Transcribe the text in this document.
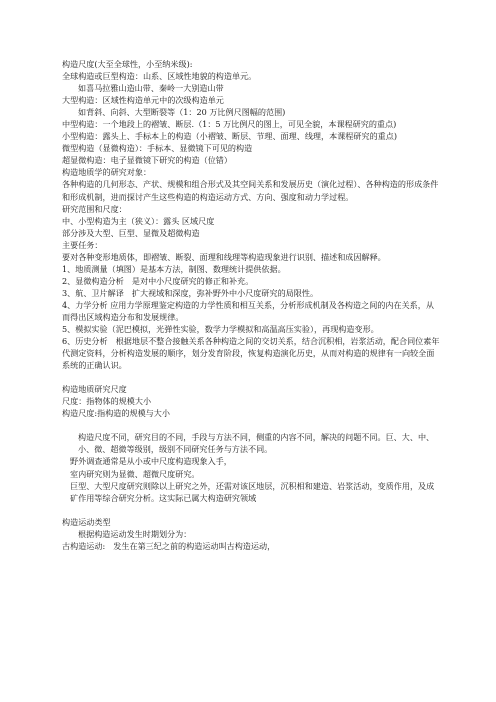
构造尺度(大至全球性，小至纳米级):

全球构造或巨型构造：山系、区域性地貌的构造单元。

如喜马拉雅山造山带、秦岭一大别造山带

大型构造：区域性构造单元中的次级构造单元

如背斜、向斜、大型断裂等（1：20 万比例尺图幅的范围)

中型构造：一个地段上的褶皱、断层.（1：5 万比例尺的图上，可见全貌，本课程研究的重点)

小型构造：露头上、手标本上的构造（小褶皱、断层、节理、面理、线理，本课程研究的重点)

微型构造（显微构造）：手标本、显微镜下可见的构造

超显微构造：电子显微镜下研究的构造（位错）

构造地质学的研究对象：

各种构造的几何形态、产状、规模和组合形式及其空间关系和发展历史（演化过程）、各种构造的形成条件和形成机制，进而探讨产生这些构造的构造运动方式、方向、强度和动力学过程。

研究范围和尺度：

中、小型构造为主（狭义）：露头 区域尺度

部分涉及大型、巨型、显微及超微构造

主要任务：

要对各种变形地质体，即褶皱、断裂、面理和线理等构造现象进行识别、描述和成因解释。

1、地质测量（填图）是基本方法，制图、数理统计提供依据。

2、显微构造分析　是对中小尺度研究的修正和补充。

3、航、卫片解译　扩大视域和深度，弥补野外中小尺度研究的局限性。

4、力学分析 应用力学原理鉴定构造的力学性质和相互关系，分析形成机制及各构造之间的内在关系，从而得出区域构造分布和发展规律。

5、模拟实验（泥巴模拟，光弹性实验，数学力学模拟和高温高压实验），再现构造变形。

6、历史分析　根据地层不整合接触关系各种构造之间的交切关系，结合沉积相，岩浆活动，配合同位素年代测定资料，分析构造发展的顺序，划分发育阶段，恢复构造演化历史，从而对构造的规律有一向较全面系统的正确认识。

构造地质研究尺度

尺度：指物体的规模大小

构造尺度:指构造的规模与大小

构造尺度不同，研究目的不同，手段与方法不同，侧重的内容不同，解决的问题不同。巨、大、中、小、微、超微等级别，级别不同研究任务与方法不同。

野外调查通常是从小或中尺度构造现象入手，

室内研究则为显微、超微尺度研究。

巨型、大型尺度研究则除以上研究之外，还需对该区地层，沉积相和建造、岩浆活动，变质作用，及成矿作用等综合研究分析。这实际已属大构造研究领域

构造运动类型

根据构造运动发生时期划分为：

古构造运动:　发生在第三纪之前的构造运动叫古构造运动，
